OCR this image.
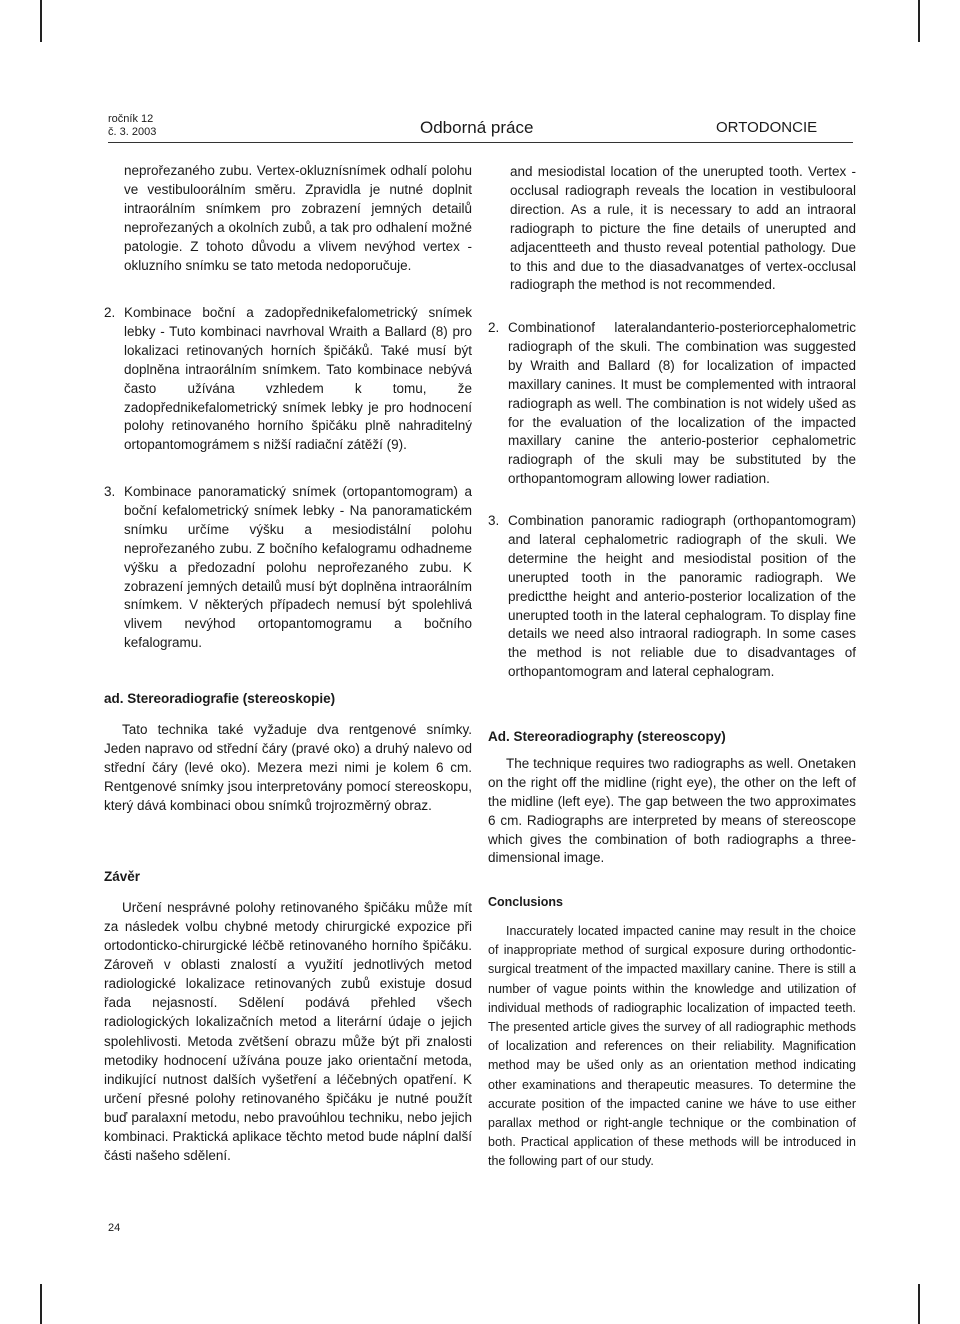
ročník 12
č. 3. 2003	Odborná práce	ORTODONCIE

neprořezaného zubu. Vertex-okluznísnímek odhalí polohu ve vestibuloorálním směru. Zpravidla je nutné doplnit intraorálním snímkem pro zobrazení jemných detailů neprořezaných a okolních zubů, a tak pro odhalení možné patologie. Z tohoto důvodu a vlivem nevýhod vertex - okluzního snímku se tato metoda nedoporučuje.

2. Kombinace boční a zadopřednikefalometrický snímek lebky - Tuto kombinaci navrhoval Wraith a Ballard (8) pro lokalizaci retinovaných horních špičáků. Také musí být doplněna intraorálním snímkem. Tato kombinace nebývá často užívána vzhledem k tomu, že zadopřednikefalometrický snímek lebky je pro hodnocení polohy retinovaného horního špičáku plně nahraditelný ortopantomográmem s nižší radiační zátěží (9).
3. Kombinace panoramatický snímek (ortopantomogram) a boční kefalometrický snímek lebky - Na panoramatickém snímku určíme výšku a mesiodistální polohu neprořezaného zubu. Z bočního kefalogramu odhadneme výšku a předozadní polohu neprořezaného zubu. K zobrazení jemných detailů musí být doplněna intraorálním snímkem. V některých případech nemusí být spolehlivá vlivem nevýhod ortopantomogramu a bočního kefalogramu.
ad. Stereoradiografie (stereoskopie)

Tato technika také vyžaduje dva rentgenové snímky. Jeden napravo od střední čáry (pravé oko) a druhý nalevo od střední čáry (levé oko). Mezera mezi nimi je kolem 6 cm. Rentgenové snímky jsou interpretovány pomocí stereoskopu, který dává kombinaci obou snímků trojrozměrný obraz.

Závěr

Určení nesprávné polohy retinovaného špičáku může mít za následek volbu chybné metody chirurgické expozice při ortodonticko-chirurgické léčbě retinovaného horního špičáku. Zároveň v oblasti znalostí a využití jednotlivých metod radiologické lokalizace retinovaných zubů existuje dosud řada nejasností. Sdělení podává přehled všech radiologických lokalizačních metod a literární údaje o jejich spolehlivosti. Metoda zvětšení obrazu může být při znalosti metodiky hodnocení užívána pouze jako orientační metoda, indikující nutnost dalších vyšetření a léčebných opatření. K určení přesné polohy retinovaného špičáku je nutné použít buď paralaxní metodu, nebo pravoúhlou techniku, nebo jejich kombinaci. Praktická aplikace těchto metod bude náplní další části našeho sdělení.

and mesiodistal location of the unerupted tooth. Vertex - occlusal radiograph reveals the location in vestibulooral direction. As a rule, it is necessary to add an intraoral radiograph to picture the fine details of unerupted and adjacentteeth and thusto reveal potential pathology. Due to this and due to the diasadvanatges of vertex-occlusal radiograph the method is not recommended.

2. Combinationof lateralandanterio-posteriorcephalometric radiograph of the skuli. The combination was suggested by Wraith and Ballard (8) for localization of impacted maxillary canines. It must be complemented with intraoral radiograph as well. The combination is not widely ušed as for the evaluation of the localization of the impacted maxillary canine the anterio-posterior cephalometric radiograph of the skuli may be substituted by the orthopantomogram allowing lower radiation.
3. Combination panoramic radiograph (orthopantomogram) and lateral cephalometric radiograph of the skuli. We determine the height and mesiodistal position of the unerupted tooth in the panoramic radiograph. We predictthe height and anterio-posterior localization of the unerupted tooth in the lateral cephalogram. To display fine details we need also intraoral radiograph. In some cases the method is not reliable due to disadvantages of orthopantomogram and lateral cephalogram.
Ad. Stereoradiography (stereoscopy)

The technique requires two radiographs as well. Onetaken on the right off the midline (right eye), the other on the left of the midline (left eye). The gap between the two approximates 6 cm. Radiographs are interpreted by means of stereoscope which gives the combination of both radiographs a three-dimensional image.

Conclusions

Inaccurately located impacted canine may result in the choice of inappropriate method of surgical exposure during orthodontic-surgical treatment of the impacted maxillary canine. There is still a number of vague points within the knowledge and utilization of individual methods of radiographic localization of impacted teeth. The presented article gives the survey of all radiographic methods of localization and references on their reliability. Magnification method may be ušed only as an orientation method indicating other examinations and therapeutic measures. To determine the accurate position of the impacted canine we háve to use either parallax method or right-angle technique or the combination of both. Practical application of these methods will be introduced in the following part of our study.

24
